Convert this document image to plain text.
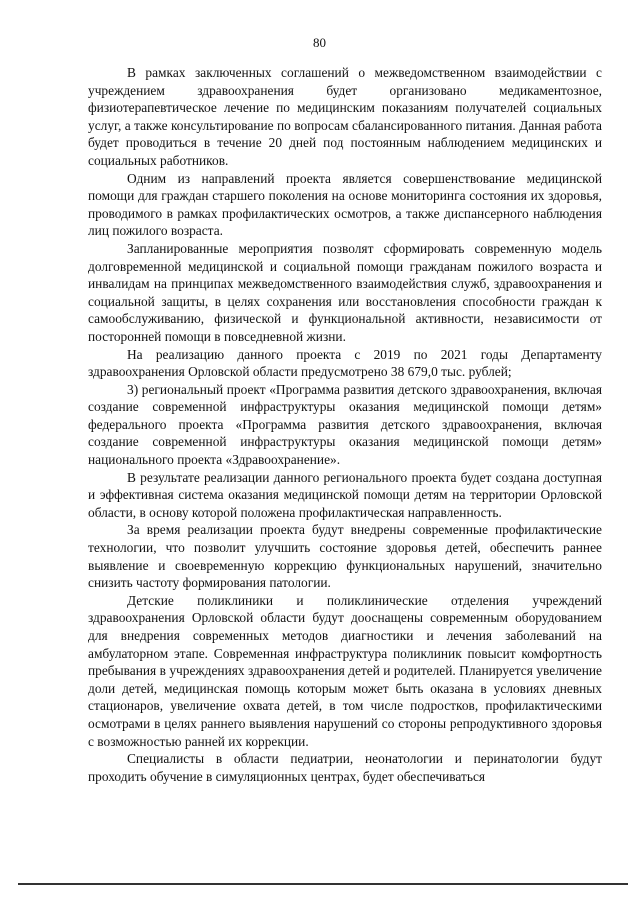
80

В рамках заключенных соглашений о межведомственном взаимодействии с учреждением здравоохранения будет организовано медикаментозное, физиотерапевтическое лечение по медицинским показаниям получателей социальных услуг, а также консультирование по вопросам сбалансированного питания. Данная работа будет проводиться в течение 20 дней под постоянным наблюдением медицинских и социальных работников.

Одним из направлений проекта является совершенствование медицинской помощи для граждан старшего поколения на основе мониторинга состояния их здоровья, проводимого в рамках профилактических осмотров, а также диспансерного наблюдения лиц пожилого возраста.

Запланированные мероприятия позволят сформировать современную модель долговременной медицинской и социальной помощи гражданам пожилого возраста и инвалидам на принципах межведомственного взаимодействия служб, здравоохранения и социальной защиты, в целях сохранения или восстановления способности граждан к самообслуживанию, физической и функциональной активности, независимости от посторонней помощи в повседневной жизни.

На реализацию данного проекта с 2019 по 2021 годы Департаменту здравоохранения Орловской области предусмотрено 38 679,0 тыс. рублей;

3) региональный проект «Программа развития детского здравоохранения, включая создание современной инфраструктуры оказания медицинской помощи детям» федерального проекта «Программа развития детского здравоохранения, включая создание современной инфраструктуры оказания медицинской помощи детям» национального проекта «Здравоохранение».

В результате реализации данного регионального проекта будет создана доступная и эффективная система оказания медицинской помощи детям на территории Орловской области, в основу которой положена профилактическая направленность.

За время реализации проекта будут внедрены современные профилактические технологии, что позволит улучшить состояние здоровья детей, обеспечить раннее выявление и своевременную коррекцию функциональных нарушений, значительно снизить частоту формирования патологии.

Детские поликлиники и поликлинические отделения учреждений здравоохранения Орловской области будут дооснащены современным оборудованием для внедрения современных методов диагностики и лечения заболеваний на амбулаторном этапе. Современная инфраструктура поликлиник повысит комфортность пребывания в учреждениях здравоохранения детей и родителей. Планируется увеличение доли детей, медицинская помощь которым может быть оказана в условиях дневных стационаров, увеличение охвата детей, в том числе подростков, профилактическими осмотрами в целях раннего выявления нарушений со стороны репродуктивного здоровья с возможностью ранней их коррекции.

Специалисты в области педиатрии, неонатологии и перинатологии будут проходить обучение в симуляционных центрах, будет обеспечиваться
